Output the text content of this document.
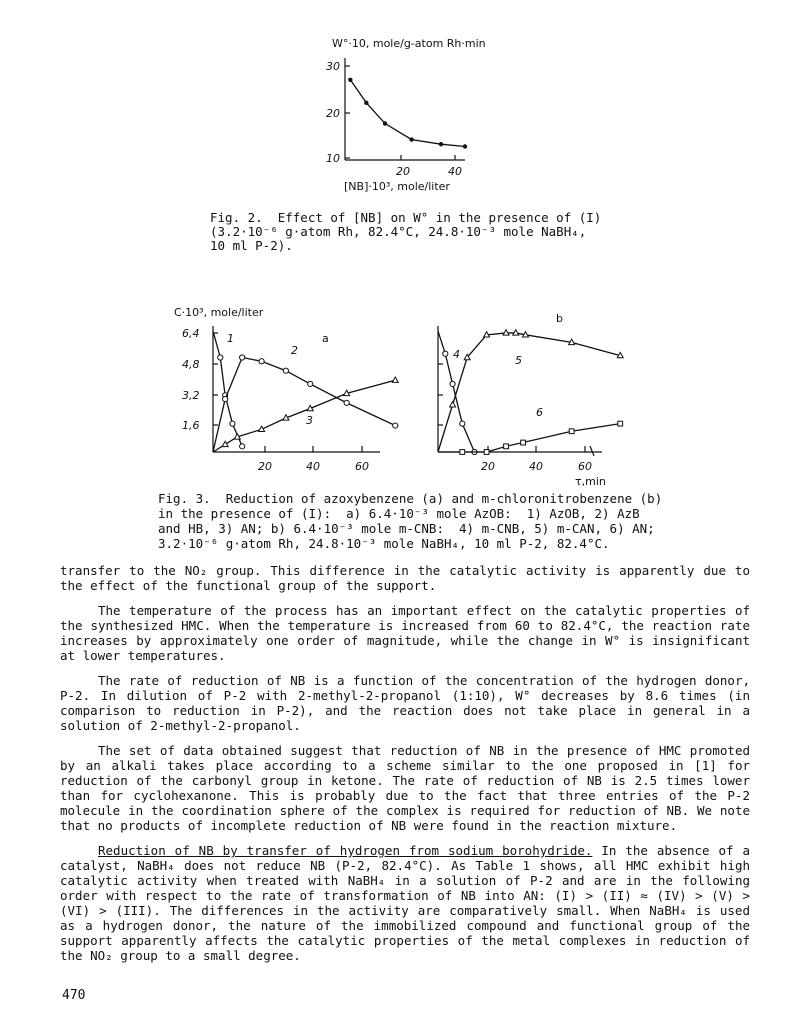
W°·10, mole/g-atom Rh·min
30
20
10
20	40
[NB]·10³, mole/liter
Fig. 2.  Effect of [NB] on W° in the presence of (I)
(3.2·10⁻⁶ g·atom Rh, 82.4°C, 24.8·10⁻³ mole NaBH₄,
10 ml P-2).
C·10³, mole/liter
6,4
4,8
3,2
1,6
20	40	60	20	40	60
τ,min
a
b
1
2
3
4	5
6
Fig. 3.  Reduction of azoxybenzene (a) and m-chloronitrobenzene (b)
in the presence of (I):  a) 6.4·10⁻³ mole AzOB:  1) AzOB, 2) AzB
and HB, 3) AN; b) 6.4·10⁻³ mole m-CNB:  4) m-CNB, 5) m-CAN, 6) AN;
3.2·10⁻⁶ g·atom Rh, 24.8·10⁻³ mole NaBH₄, 10 ml P-2, 82.4°C.

transfer to the NO₂ group. This difference in the catalytic activity is apparently due to the effect of the functional group of the support.

The temperature of the process has an important effect on the catalytic properties of the synthesized HMC. When the temperature is increased from 60 to 82.4°C, the reaction rate increases by approximately one order of magnitude, while the change in W° is insignificant at lower temperatures.

The rate of reduction of NB is a function of the concentration of the hydrogen donor, P-2. In dilution of P-2 with 2-methyl-2-propanol (1:10), W° decreases by 8.6 times (in comparison to reduction in P-2), and the reaction does not take place in general in a solution of 2-methyl-2-propanol.

The set of data obtained suggest that reduction of NB in the presence of HMC promoted by an alkali takes place according to a scheme similar to the one proposed in [1] for reduction of the carbonyl group in ketone. The rate of reduction of NB is 2.5 times lower than for cyclohexanone. This is probably due to the fact that three entries of the P-2 molecule in the coordination sphere of the complex is required for reduction of NB. We note that no products of incomplete reduction of NB were found in the reaction mixture.

Reduction of NB by transfer of hydrogen from sodium borohydride. In the absence of a catalyst, NaBH₄ does not reduce NB (P-2, 82.4°C). As Table 1 shows, all HMC exhibit high catalytic activity when treated with NaBH₄ in a solution of P-2 and are in the following order with respect to the rate of transformation of NB into AN: (I) > (II) ≈ (IV) > (V) > (VI) > (III). The differences in the activity are comparatively small. When NaBH₄ is used as a hydrogen donor, the nature of the immobilized compound and functional group of the support apparently affects the catalytic properties of the metal complexes in reduction of the NO₂ group to a small degree.

470
